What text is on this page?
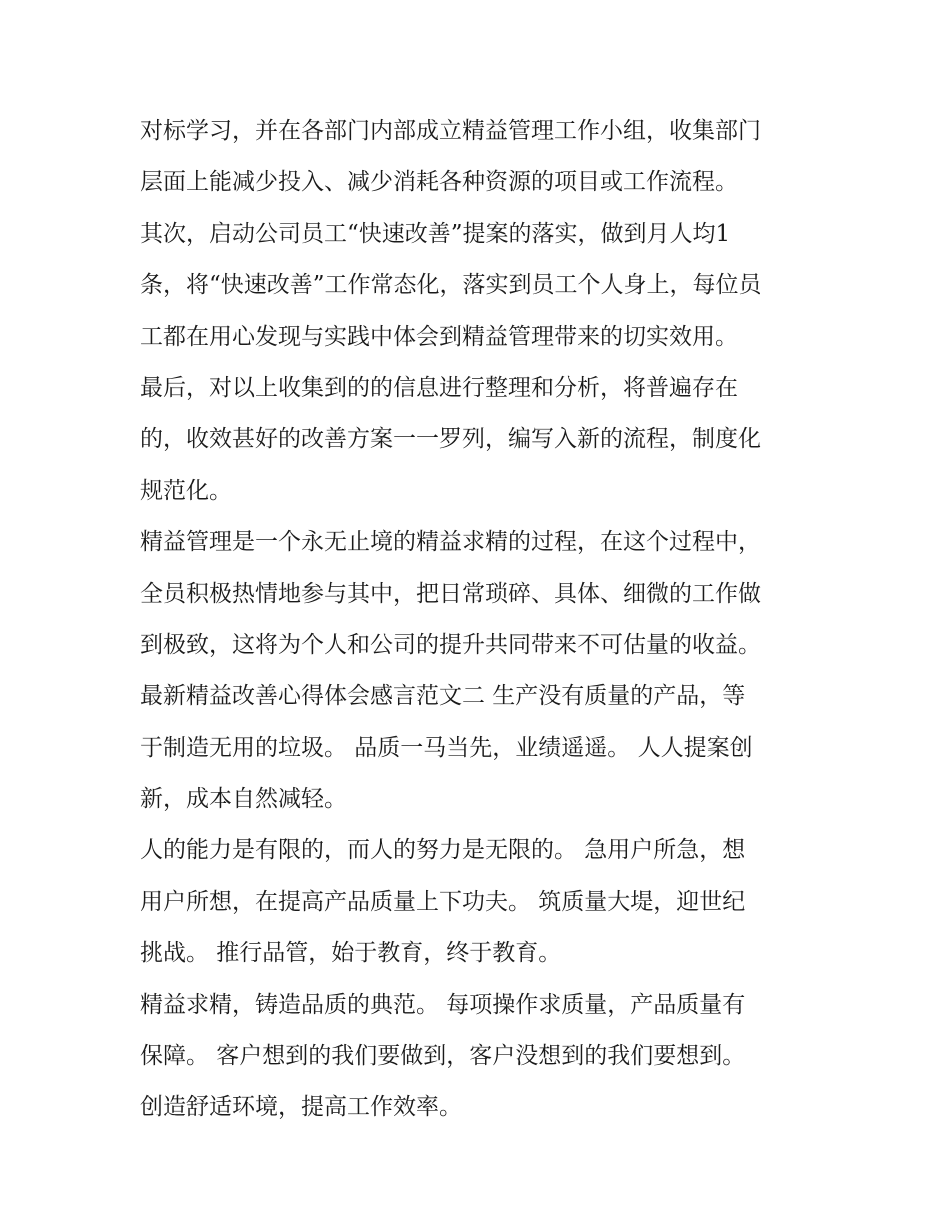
对标学习，并在各部门内部成立精益管理工作小组，收集部门

层面上能减少投入、减少消耗各种资源的项目或工作流程。

其次，启动公司员工“快速改善”提案的落实，做到月人均1

条，将“快速改善”工作常态化，落实到员工个人身上，每位员

工都在用心发现与实践中体会到精益管理带来的切实效用。

最后，对以上收集到的的信息进行整理和分析，将普遍存在

的，收效甚好的改善方案一一罗列，编写入新的流程，制度化

规范化。

精益管理是一个永无止境的精益求精的过程，在这个过程中，

全员积极热情地参与其中，把日常琐碎、具体、细微的工作做

到极致，这将为个人和公司的提升共同带来不可估量的收益。

最新精益改善心得体会感言范文二 生产没有质量的产品，等

于制造无用的垃圾。 品质一马当先，业绩遥遥。 人人提案创

新，成本自然减轻。

人的能力是有限的，而人的努力是无限的。 急用户所急，想

用户所想，在提高产品质量上下功夫。 筑质量大堤，迎世纪

挑战。 推行品管，始于教育，终于教育。

精益求精，铸造品质的典范。 每项操作求质量，产品质量有

保障。 客户想到的我们要做到，客户没想到的我们要想到。

创造舒适环境，提高工作效率。
